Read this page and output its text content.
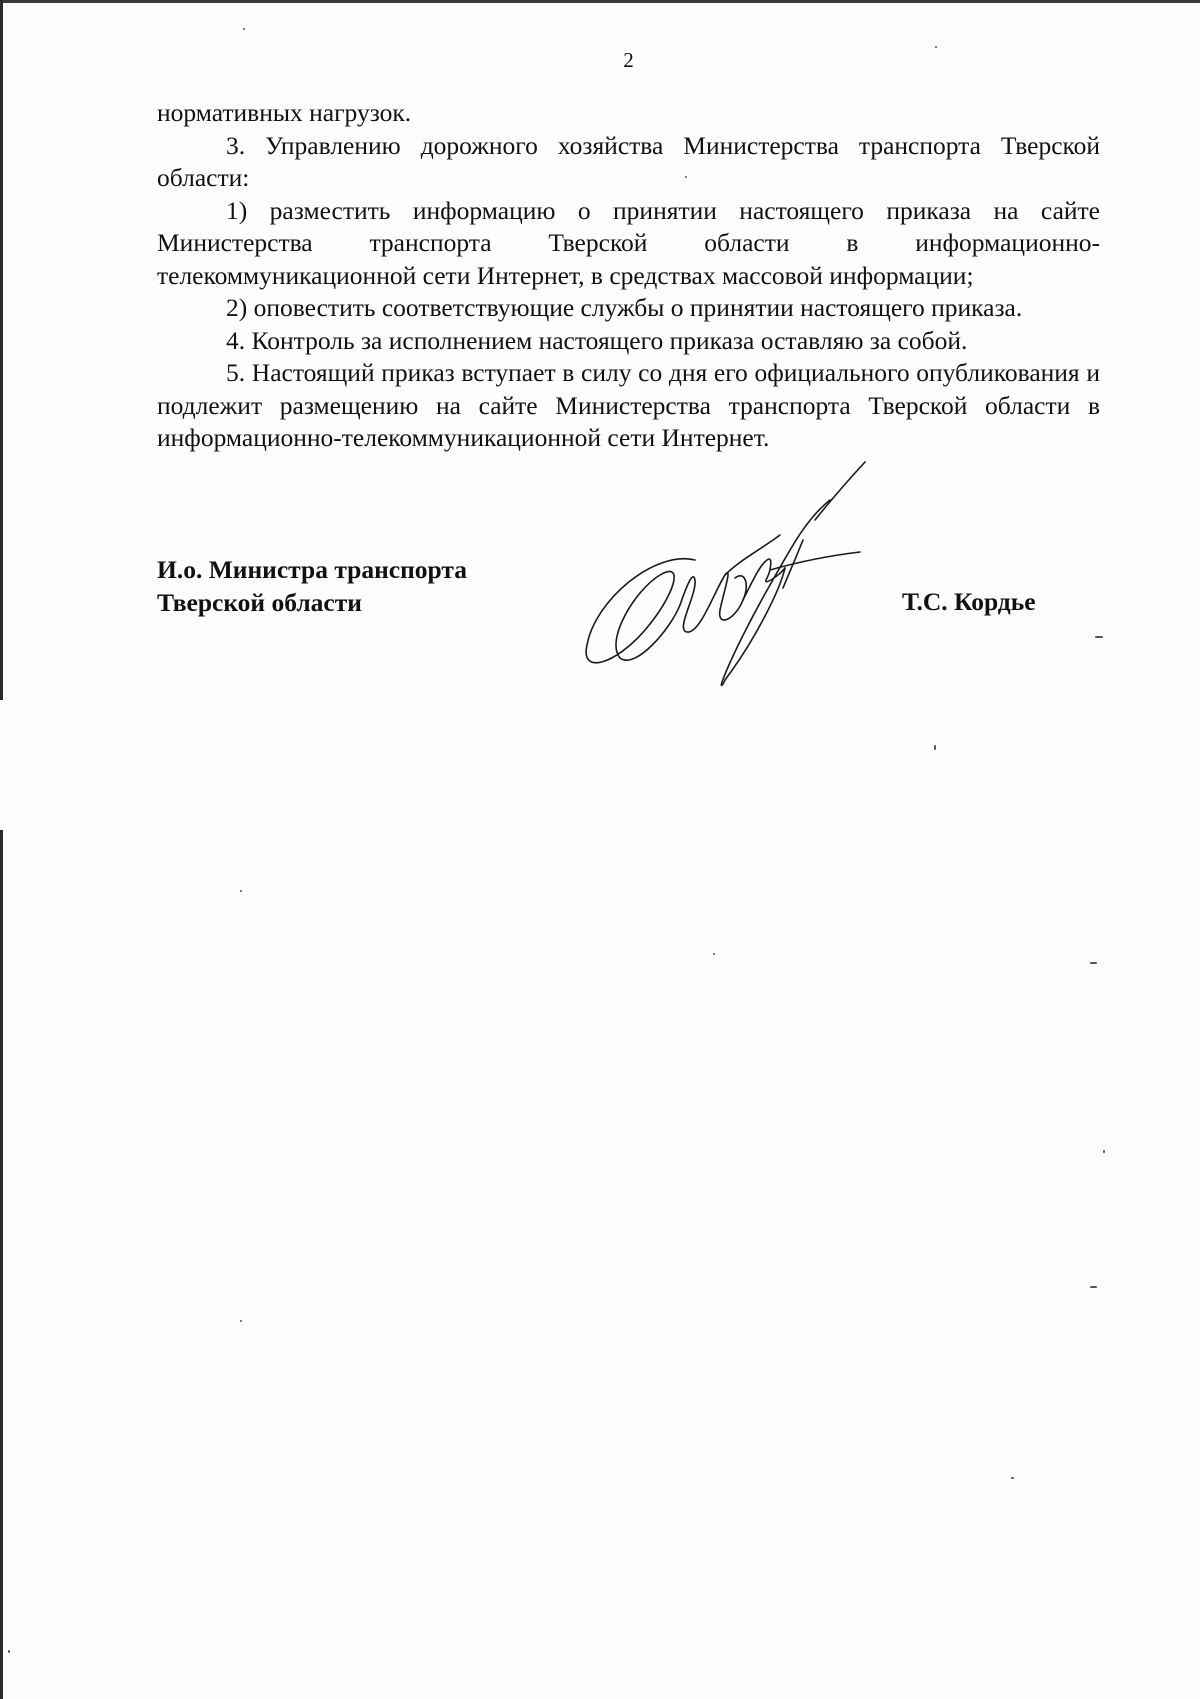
2

нормативных нагрузок.

3. Управлению дорожного хозяйства Министерства транспорта Тверской области:

1) разместить информацию о принятии настоящего приказа на сайте Министерства транспорта Тверской области в информационно-телекоммуникационной сети Интернет, в средствах массовой информации;

2) оповестить соответствующие службы о принятии настоящего приказа.

4. Контроль за исполнением настоящего приказа оставляю за собой.

5. Настоящий приказ вступает в силу со дня его официального опубликования и подлежит размещению на сайте Министерства транспорта Тверской области в информационно-телекоммуникационной сети Интернет.

И.о. Министра транспорта
Тверской области	Т.С. Кордье
